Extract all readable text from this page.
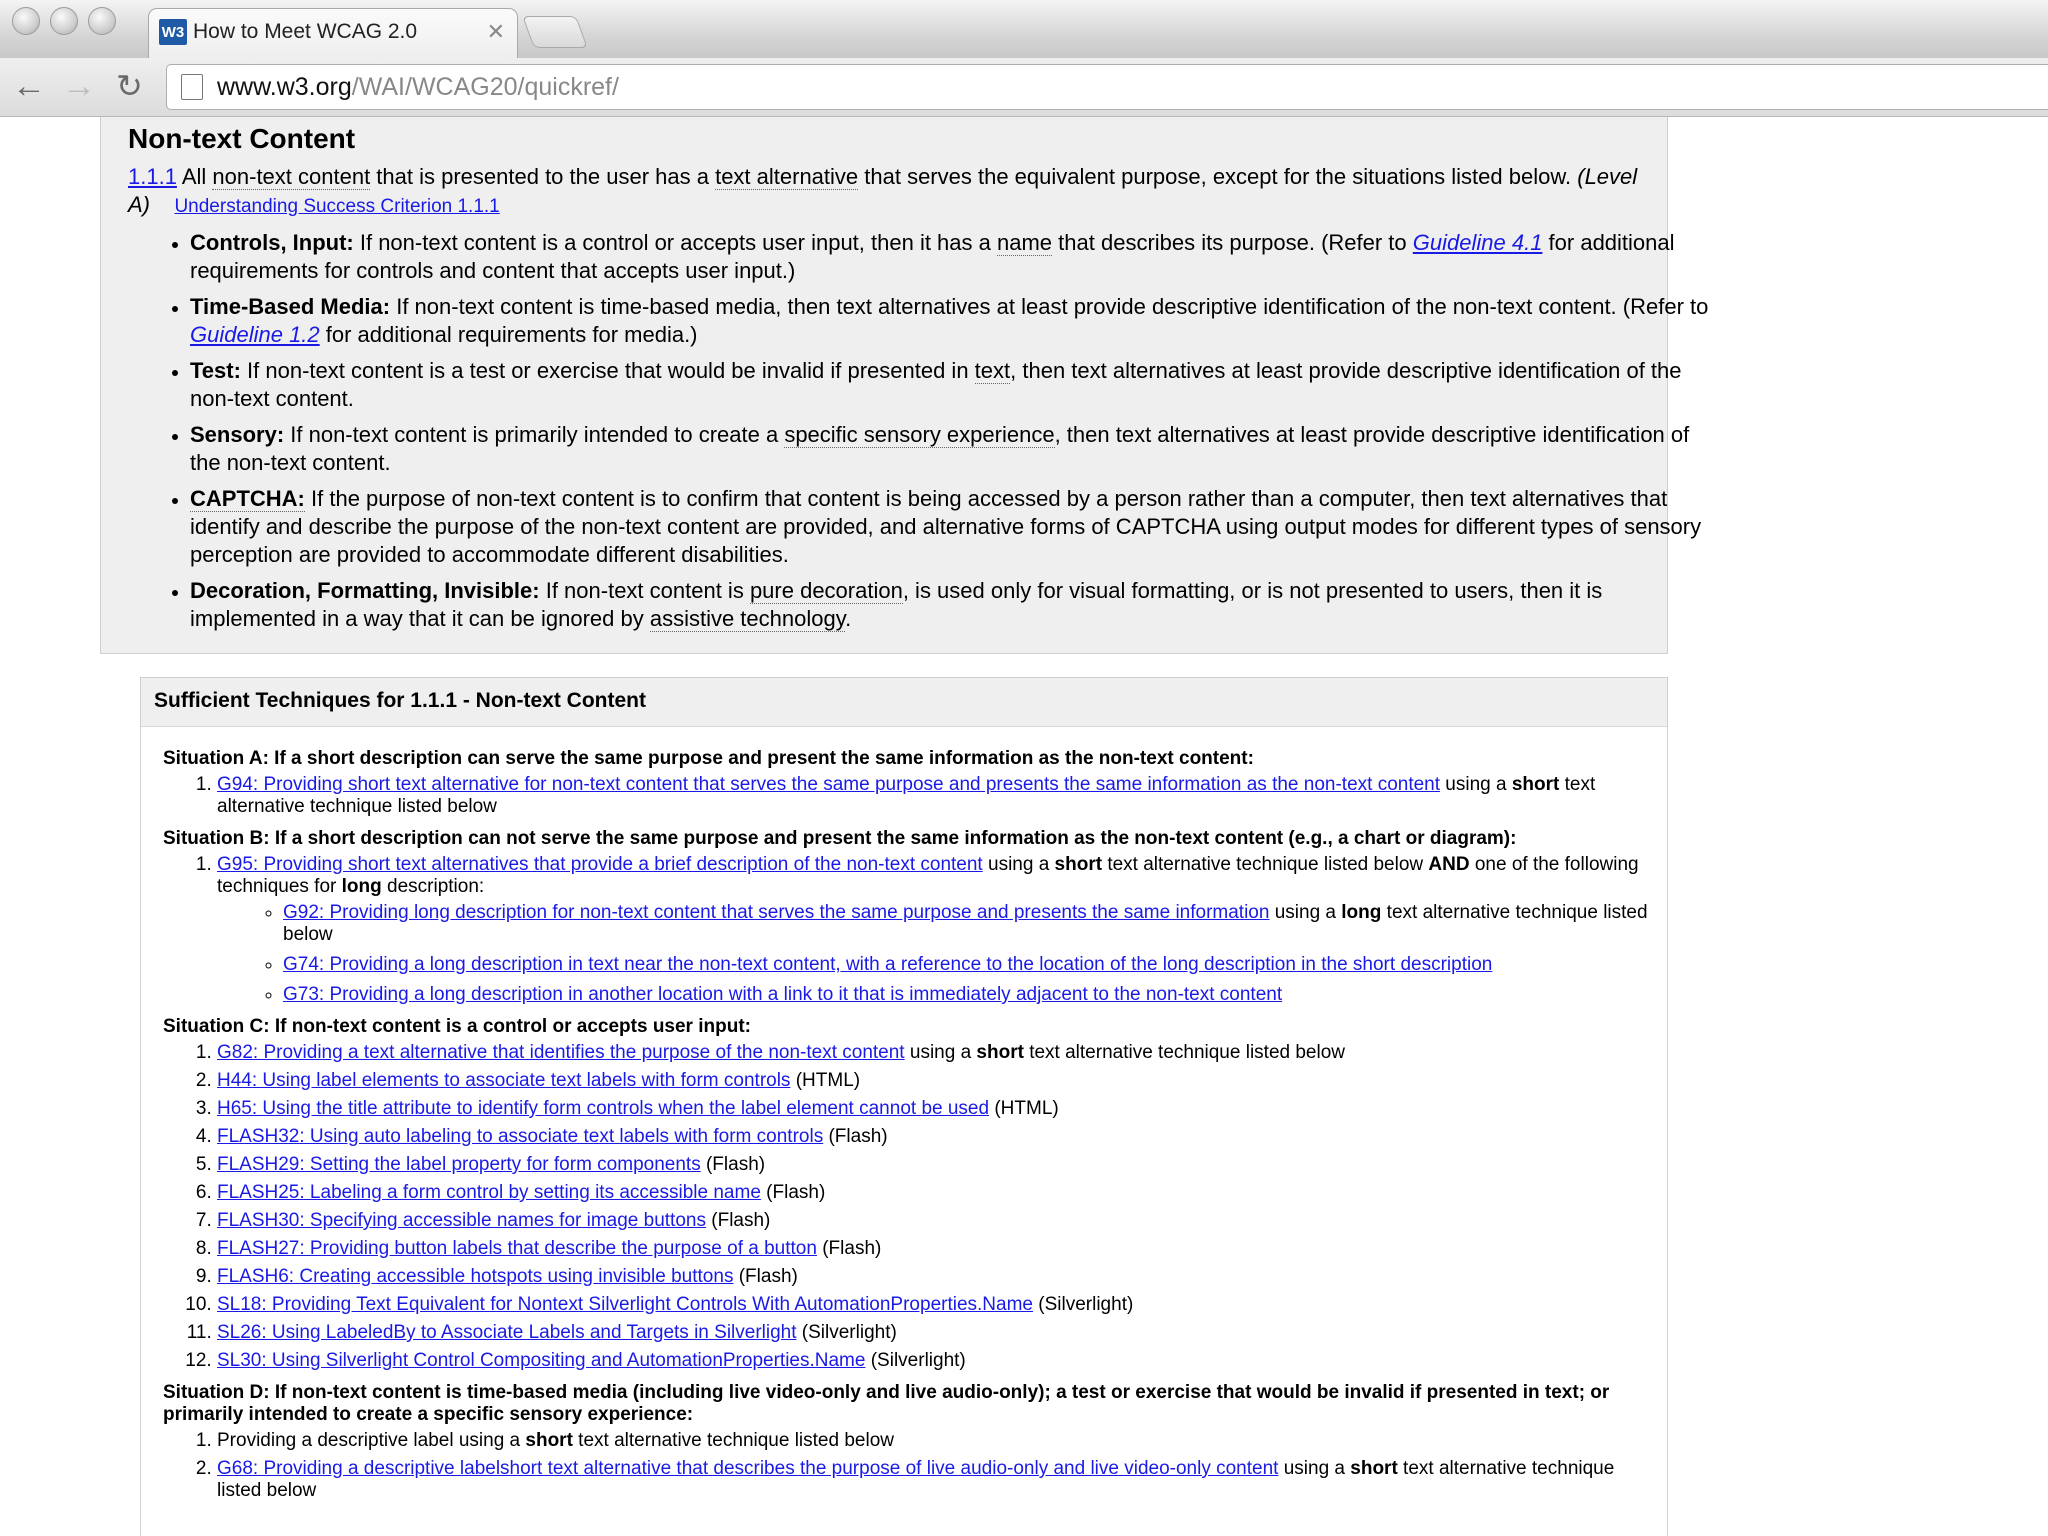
W3 How to Meet WCAG 2.0	✕
← → ↻	www.w3.org/WAI/WCAG20/quickref/
Non-text Content
1.1.1 All non-text content that is presented to the user has a text alternative that serves the equivalent purpose, except for the situations listed below. (Level A) Understanding Success Criterion 1.1.1
• Controls, Input: If non-text content is a control or accepts user input, then it has a name that describes its purpose. (Refer to Guideline 4.1 for additional requirements for controls and content that accepts user input.)
• Time-Based Media: If non-text content is time-based media, then text alternatives at least provide descriptive identification of the non-text content. (Refer to Guideline 1.2 for additional requirements for media.)
• Test: If non-text content is a test or exercise that would be invalid if presented in text, then text alternatives at least provide descriptive identification of the non-text content.
• Sensory: If non-text content is primarily intended to create a specific sensory experience, then text alternatives at least provide descriptive identification of the non-text content.
• CAPTCHA: If the purpose of non-text content is to confirm that content is being accessed by a person rather than a computer, then text alternatives that identify and describe the purpose of the non-text content are provided, and alternative forms of CAPTCHA using output modes for different types of sensory perception are provided to accommodate different disabilities.
• Decoration, Formatting, Invisible: If non-text content is pure decoration, is used only for visual formatting, or is not presented to users, then it is implemented in a way that it can be ignored by assistive technology.
Sufficient Techniques for 1.1.1 - Non-text Content

Situation A: If a short description can serve the same purpose and present the same information as the non-text content:

1. G94: Providing short text alternative for non-text content that serves the same purpose and presents the same information as the non-text content using a short text alternative technique listed below

Situation B: If a short description can not serve the same purpose and present the same information as the non-text content (e.g., a chart or diagram):

1. G95: Providing short text alternatives that provide a brief description of the non-text content using a short text alternative technique listed below AND one of the following techniques for long description:
◦ G92: Providing long description for non-text content that serves the same purpose and presents the same information using a long text alternative technique listed below
◦ G74: Providing a long description in text near the non-text content, with a reference to the location of the long description in the short description
◦ G73: Providing a long description in another location with a link to it that is immediately adjacent to the non-text content

Situation C: If non-text content is a control or accepts user input:

1. G82: Providing a text alternative that identifies the purpose of the non-text content using a short text alternative technique listed below
2. H44: Using label elements to associate text labels with form controls (HTML)
3. H65: Using the title attribute to identify form controls when the label element cannot be used (HTML)
4. FLASH32: Using auto labeling to associate text labels with form controls (Flash)
5. FLASH29: Setting the label property for form components (Flash)
6. FLASH25: Labeling a form control by setting its accessible name (Flash)
7. FLASH30: Specifying accessible names for image buttons (Flash)
8. FLASH27: Providing button labels that describe the purpose of a button (Flash)
9. FLASH6: Creating accessible hotspots using invisible buttons (Flash)
10. SL18: Providing Text Equivalent for Nontext Silverlight Controls With AutomationProperties.Name (Silverlight)
11. SL26: Using LabeledBy to Associate Labels and Targets in Silverlight (Silverlight)
12. SL30: Using Silverlight Control Compositing and AutomationProperties.Name (Silverlight)

Situation D: If non-text content is time-based media (including live video-only and live audio-only); a test or exercise that would be invalid if presented in text; or primarily intended to create a specific sensory experience:

1. Providing a descriptive label using a short text alternative technique listed below
2. G68: Providing a descriptive labelshort text alternative that describes the purpose of live audio-only and live video-only content using a short text alternative technique listed below
